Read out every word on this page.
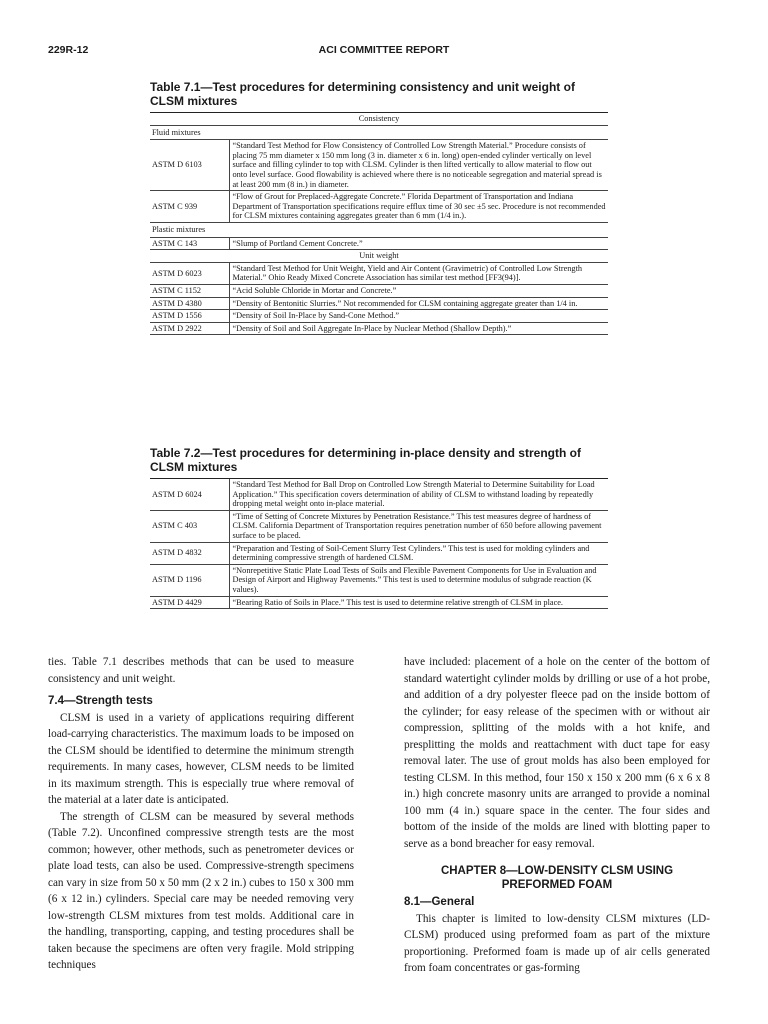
229R-12	ACI COMMITTEE REPORT

Table 7.1—Test procedures for determining consistency and unit weight of CLSM mixtures

Consistency	
Fluid mixtures	
ASTM D 6103	“Standard Test Method for Flow Consistency of Controlled Low Strength Material.” Procedure consists of placing 75 mm diameter x 150 mm long (3 in. diameter x 6 in. long) open-ended cylinder vertically on level surface and filling cylinder to top with CLSM. Cylinder is then lifted vertically to allow material to flow out onto level surface. Good flowability is achieved where there is no noticeable segregation and material spread is at least 200 mm (8 in.) in diameter.
ASTM C 939	“Flow of Grout for Preplaced-Aggregate Concrete.” Florida Department of Transportation and Indiana Department of Transportation specifications require efflux time of 30 sec ±5 sec. Procedure is not recommended for CLSM mixtures containing aggregates greater than 6 mm (1/4 in.).
Plastic mixtures	
ASTM C 143	“Slump of Portland Cement Concrete.”
Unit weight	
ASTM D 6023	“Standard Test Method for Unit Weight, Yield and Air Content (Gravimetric) of Controlled Low Strength Material.” Ohio Ready Mixed Concrete Association has similar test method [FF3(94)].
ASTM C 1152	“Acid Soluble Chloride in Mortar and Concrete.”
ASTM D 4380	“Density of Bentonitic Slurries.” Not recommended for CLSM containing aggregate greater than 1/4 in.
ASTM D 1556	“Density of Soil In-Place by Sand-Cone Method.”
ASTM D 2922	“Density of Soil and Soil Aggregate In-Place by Nuclear Method (Shallow Depth).”

Table 7.2—Test procedures for determining in-place density and strength of CLSM mixtures

ASTM D 6024	“Standard Test Method for Ball Drop on Controlled Low Strength Material to Determine Suitability for Load Application.” This specification covers determination of ability of CLSM to withstand loading by repeatedly dropping metal weight onto in-place material.
ASTM C 403	“Time of Setting of Concrete Mixtures by Penetration Resistance.” This test measures degree of hardness of CLSM. California Department of Transportation requires penetration number of 650 before allowing pavement surface to be placed.
ASTM D 4832	“Preparation and Testing of Soil-Cement Slurry Test Cylinders.” This test is used for molding cylinders and determining compressive strength of hardened CLSM.
ASTM D 1196	“Nonrepetitive Static Plate Load Tests of Soils and Flexible Pavement Components for Use in Evaluation and Design of Airport and Highway Pavements.” This test is used to determine modulus of subgrade reaction (K values).
ASTM D 4429	“Bearing Ratio of Soils in Place.” This test is used to determine relative strength of CLSM in place.

ties. Table 7.1 describes methods that can be used to measure consistency and unit weight.

7.4—Strength tests

CLSM is used in a variety of applications requiring different load-carrying characteristics. The maximum loads to be imposed on the CLSM should be identified to determine the minimum strength requirements. In many cases, however, CLSM needs to be limited in its maximum strength. This is especially true where removal of the material at a later date is anticipated.

The strength of CLSM can be measured by several methods (Table 7.2). Unconfined compressive strength tests are the most common; however, other methods, such as penetrometer devices or plate load tests, can also be used. Compressive-strength specimens can vary in size from 50 x 50 mm (2 x 2 in.) cubes to 150 x 300 mm (6 x 12 in.) cylinders. Special care may be needed removing very low-strength CLSM mixtures from test molds. Additional care in the handling, transporting, capping, and testing procedures shall be taken because the specimens are often very fragile. Mold stripping techniques

have included: placement of a hole on the center of the bottom of standard watertight cylinder molds by drilling or use of a hot probe, and addition of a dry polyester fleece pad on the inside bottom of the cylinder; for easy release of the specimen with or without air compression, splitting of the molds with a hot knife, and presplitting the molds and reattachment with duct tape for easy removal later. The use of grout molds has also been employed for testing CLSM. In this method, four 150 x 150 x 200 mm (6 x 6 x 8 in.) high concrete masonry units are arranged to provide a nominal 100 mm (4 in.) square space in the center. The four sides and bottom of the inside of the molds are lined with blotting paper to serve as a bond breacher for easy removal.

CHAPTER 8—LOW-DENSITY CLSM USING
PREFORMED FOAM
8.1—General

This chapter is limited to low-density CLSM mixtures (LD-CLSM) produced using preformed foam as part of the mixture proportioning. Preformed foam is made up of air cells generated from foam concentrates or gas-forming
